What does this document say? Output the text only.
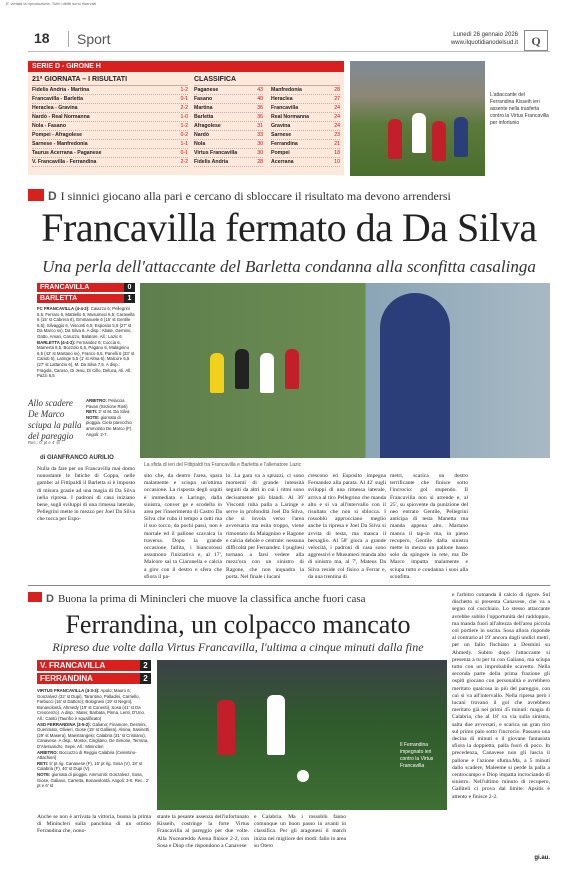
E' vietata la riproduzione. Tutti i diritti sono riservati
18	Sport	Lunedì 26 gennaio 2026
www.ilquotidianodelsud.it	Q
SERIE D - GIRONE H
21ª GIORNATA – I RISULTATI
Fidelis Andria - Martina	1-2
Francavilla - Barletta	0-1
Heraclea - Gravina	2-2
Nardò - Real Normanna	1-0
Nola - Fasano	1-2
Pompei - Afragolese	0-2
Sarnese - Manfredonia	1-1
Taurus Acerrana - Paganese	0-1
V. Francavilla - Ferrandina	2-2
CLASSIFICA
Paganese	43
Fasano	40
Martina	36
Barletta	36
Afragolese	31
Nardò	33
Nola	30
Virtus Francavilla	30
Fidelis Andria	28
Manfredonia	28
Heraclea	27
Francavilla	24
Real Normanna	24
Gravina	24
Sarnese	23
Ferrandina	21
Pompei	18
Acerrana	10
L'attaccante del Ferrandina Kisseih ieri assente nella trasferta contro la Virtus Francavilla per infortunio
D I sinnici giocano alla pari e cercano di sbloccare il risultato ma devono arrendersi
Francavilla fermato da Da Silva
Una perla dell'attaccante del Barletta condanna alla sconfitta casalinga
FRANCAVILLA	0
BARLETTA	1

FC FRANCAVILLA (4-4-2): Caiazzo 6; Pellegrini 6,5, Ferraro 6, Mattiello 6, Musumeci 6,5; Caravella 6 (15' st Cabrera 6), Emmanuele 6 (15' st Gentile 6,5), Silvaggio 6, Visconti 6,5; Esposito 5,5 (27' st Da Marco sv), Da Silva 6. A disp.: Abate, Gemino, Gatto, Amari, Caruzzo, Balatore. All.: Lazic 6

BARLETTA (4-4-2): Fernandez 6; Coccia 6, Mamerta 6,5, Bozzolo 6,5, Pagano 6, Malagnino 6,5 (42' st Martano sv), Franco 6,5, Panelli 6 (33' st Carioti 6), Laringe 5,5 (1' st Alma 6); Malcore 5,5 (27' st Lattanzio 6), M. Da Silva 7,5. A disp.: Fragola, Caruso, Di Jesu, Di Cillo, Deluca, Ali. All.: Pazzi 6,5

Allo scadere De Marco sciupa la palla del pareggio

ARBITRO: Pelaccia Pavan (Sezione Rieti)

RETI: 3' st M. Da Silva

NOTE: giornata di pioggia. Cielo parecchio ammonito De Marco (F). Angoli: 2-7.

Rec.: 0' pt e 4' st
di GIANFRANCO AURILIO
La sfida di ieri del Fittipaldi tra Francavilla e Barletta e l'allenatore Lazic
Nulla da fare per un Francavilla mai domo nonostante le fatiche di Coppa, nelle gambe: al Fittipaldi il Barletta si è imposto di misura grazie ad una magia di Da Silva nella ripresa. I padroni di casa iniziano bene, sugli sviluppi di una rimessa laterale, Pellegrini mette in mezzo per Joel Da Silva che tocca per Espo-
sito che, da dentro l'area, spara malamente e sciupa un'ottima occasione. La risposta degli ospiti è immediata e Laringe, dalla sinistra, conver ge e scodella in area per l'inserimento di Castro Da Silva che ruba il tempo a tutti ma il suo tocco, da pochi passi, non è mortale ed il pallone scavalca la traversa. Dopo la grande occasione fallita, i biancorossi assumono l'iniziativa e, al 17', Malcore sal ta Ciarunella e calcia a giro con il destro e sfera che sfiora il pa-
lo. La gara va a sprazzi, ci sono momenti di grande intensità seguiti da altri in cui i ritmi sono decisamente più blandi. Al 36' Visconti ruba palla a Laringe e serve in profondità Joel Da Silva, che si invola verso l'area avversaria ma esita troppo, viene rimontato da Malagnino e Ragone e calcia debole e centrale: nessuna difficoltà per Fernandez. I pugliesi tornano a farsi vedere alla mezz'ora con un sinistro di Ragone, che non inquadra la porta. Nel finale i lucani
crescono ed Esposito impegna Fernandez alla parata. Al 42' sugli sviluppi di una rimessa laterale, arriva al tiro Pellegrino che manda alto e si va all'intervallo con il risultato che non si sblocca. I rossoblù approcciano meglio anche la ripresa e Joel Da Silva si avvita di testa, ma manca il bersaglio. Al 58' gioca a grande velocità, i padroni di casa sono aggressivi e Musumeci manda alto di sinistro ma, al 7', Mateus Da Silva reside col fisico a Ferrar e, da una trentina di
metri, scarica un destro terrificante che finisce sotto l'incrocio: gol stupendo. Il Francavilla non si arrende e, al 25', su spiovente da punizione del neo entrato Gentile, Pellegrini anticipa di testa Manetta ma manda appena alto. Martano manca il tap-in ma, in pieno recupero, Gentile dalla sinistra mette in mezzo un pallone basso solo da spingere in rete, ma De Marco impatta malamente e sciupa tutto e condanna i suoi alla sconfitta.
D Buona la prima di Minincleri che muove la classifica anche fuori casa
Ferrandina, un colpacco mancato
Ripreso due volte dalla Virtus Francavilla, l'ultima a cinque minuti dalla fine
V. FRANCAVILLA	2
FERRANDINA	2

VIRTUS FRANCAVILLA (4-3-3): Apolo; Mauro 6; Gonzalvez (32' st Dupi), Tarantino, Palladini, Carriello, Farbucci (16' st Dattoro); Bolognesi (19' st Negro), Bonavolontà, Ahmedy (19' st Conenti), Sosa (41' st Da Crescenzo). A disp.: Mater, Barbata, Pinna, Lenti, D'Uno. All.: Cantù (Tauriho è squalificato)

ASD FERRANDINA (3-5-2): Galiano; Finamore, Desmini, Guerimato, Olivieri, Giose (15' st Galliera), Alsina, Sasinetti (29' st Masera), Maestrangelo; Calabria (31' st Cristiano), Canavese. A disp.: Mostoi, Cingliano, De Simone, Terrana, D'Alessandro, Sepe. All.: Minincleri

ARBITRO: Boccuzzo di Reggio Calabria (Celentino-Attachieri)

RETI: 5' pt rig. Canavese (F), 15' pt rig. Sosa (V), 18' st Calabria (F), 40' st Dupi (V)

NOTE: giornata di pioggia. Ammoniti: Gonzalvez, Sosa, Giose, Galiano, Carretta, Bonavolontà. Angoli: 3-0. Rec.: 2' pt e 6' st

Il Ferrandina impegnato ieri contro la Virtus Francavilla
Anche se non è arrivata la vittoria, buona la prima di Minincleri sulla panchina di un ottimo Ferrandina che, nono-
stante la pesante assenza dell'infortunato Kisseih, costringe la forte Virtus Francavilla al pareggio per due volte. Alla Nuceareddo Arena finisce 2-2, con Sosa e Diop che rispondono a Canavese
e Calabria. Ma i rossoblù fanno comunque un buon passo in avanti in classifica. Per gli aragonesi il match inizia nel migliore dei modi: fallo in area su Otero
e l'arbitro comanda il calcio di rigore. Sul dischetto si presenta Canavese, che va a segno col cucchiaio. Lo stesso attaccante avrebbe subito l'opportunità del raddoppio, ma manda fuori all'altezza dell'area piccola col portiere in uscita. Sosa allora risponde al contrario al 19' ancora dagli undici metri, per un fallo fischiato a Desmini su Ahmedy. Subito dopo l'attaccante si presenta a tu per tu con Galiano, ma sciupa tutto con un improbabile scavetto. Nella seconda parte della prima frazione gli ospiti giocano con personalità e avrebbero meritato qualcosa in più del pareggio, con cui si va all'intervallo. Nella ripresa però i lucani trovano il gol che avrebbero meritato già nei primi 45 minuti: magia di Calabria, che al 18' va via sulla sinistra, salta due avversari, e scarica un gran tiro sul primo palo sotto l'incrocio. Passano una decina di minuti e il giovane fantasista sfiora la doppietta, palla fuori di poco. In precedenza, Canavese non gli lascia il pallone e l'azione sfuma.Ma, a 5 minuti dallo scadere, Maleeme si perde la palla a centrocampo e Diop impatta incrociando di sinistro. Nell'ultimo minuto di recupero, Galliteli ci prova dal limite: Apsitis è attento e finisce 2-2.
gi.au.
